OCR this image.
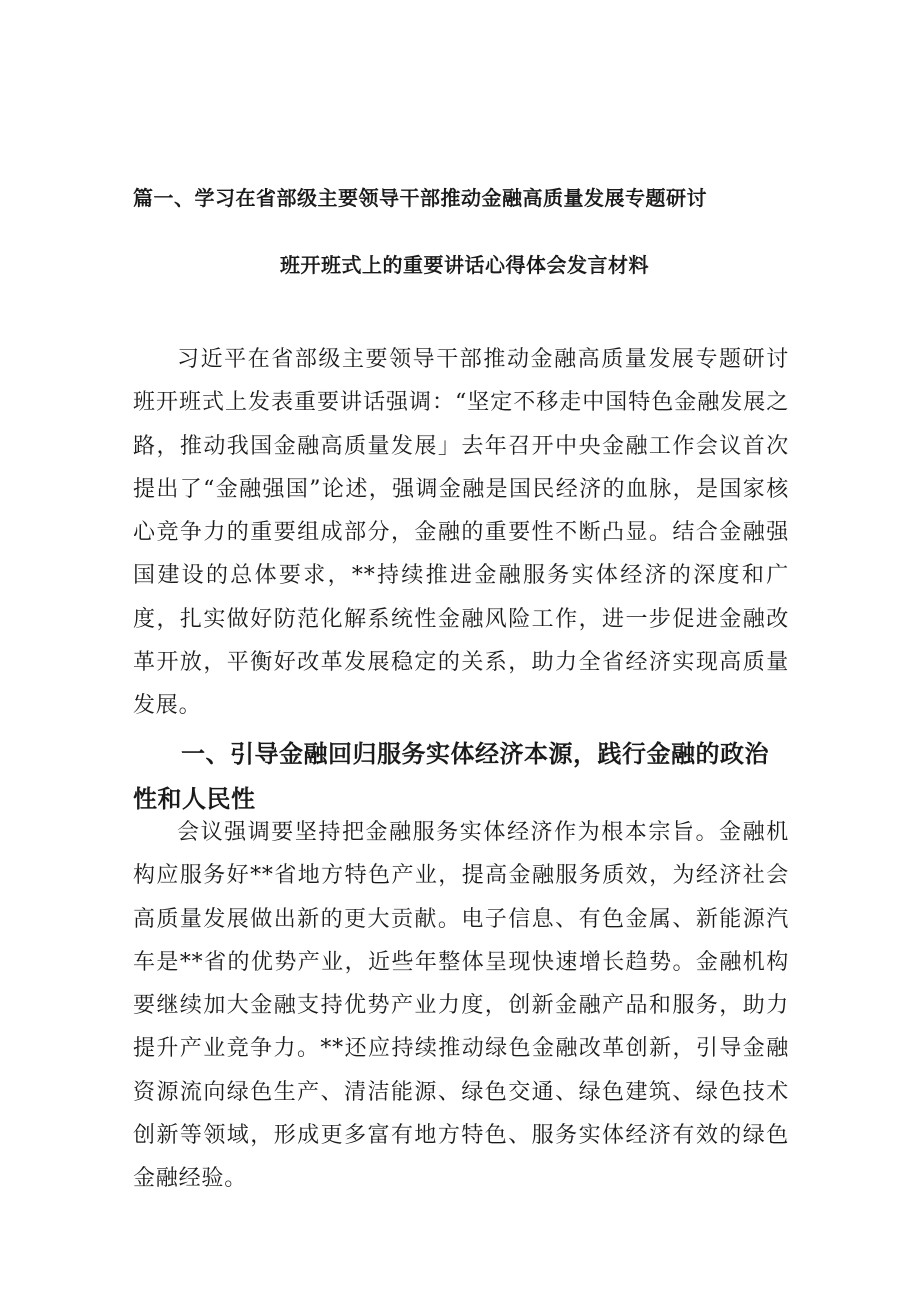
篇一、学习在省部级主要领导干部推动金融高质量发展专题研讨
班开班式上的重要讲话心得体会发言材料
习近平在省部级主要领导干部推动金融高质量发展专题研讨班开班式上发表重要讲话强调：“坚定不移走中国特色金融发展之路，推动我国金融高质量发展」去年召开中央金融工作会议首次提出了“金融强国”论述，强调金融是国民经济的血脉，是国家核心竞争力的重要组成部分，金融的重要性不断凸显。结合金融强国建设的总体要求，**持续推进金融服务实体经济的深度和广度，扎实做好防范化解系统性金融风险工作，进一步促进金融改革开放，平衡好改革发展稳定的关系，助力全省经济实现高质量发展。
一、引导金融回归服务实体经济本源，践行金融的政治性和人民性
会议强调要坚持把金融服务实体经济作为根本宗旨。金融机构应服务好**省地方特色产业，提高金融服务质效，为经济社会高质量发展做出新的更大贡献。电子信息、有色金属、新能源汽车是**省的优势产业，近些年整体呈现快速增长趋势。金融机构要继续加大金融支持优势产业力度，创新金融产品和服务，助力提升产业竞争力。**还应持续推动绿色金融改革创新，引导金融资源流向绿色生产、清洁能源、绿色交通、绿色建筑、绿色技术创新等领域，形成更多富有地方特色、服务实体经济有效的绿色金融经验。
